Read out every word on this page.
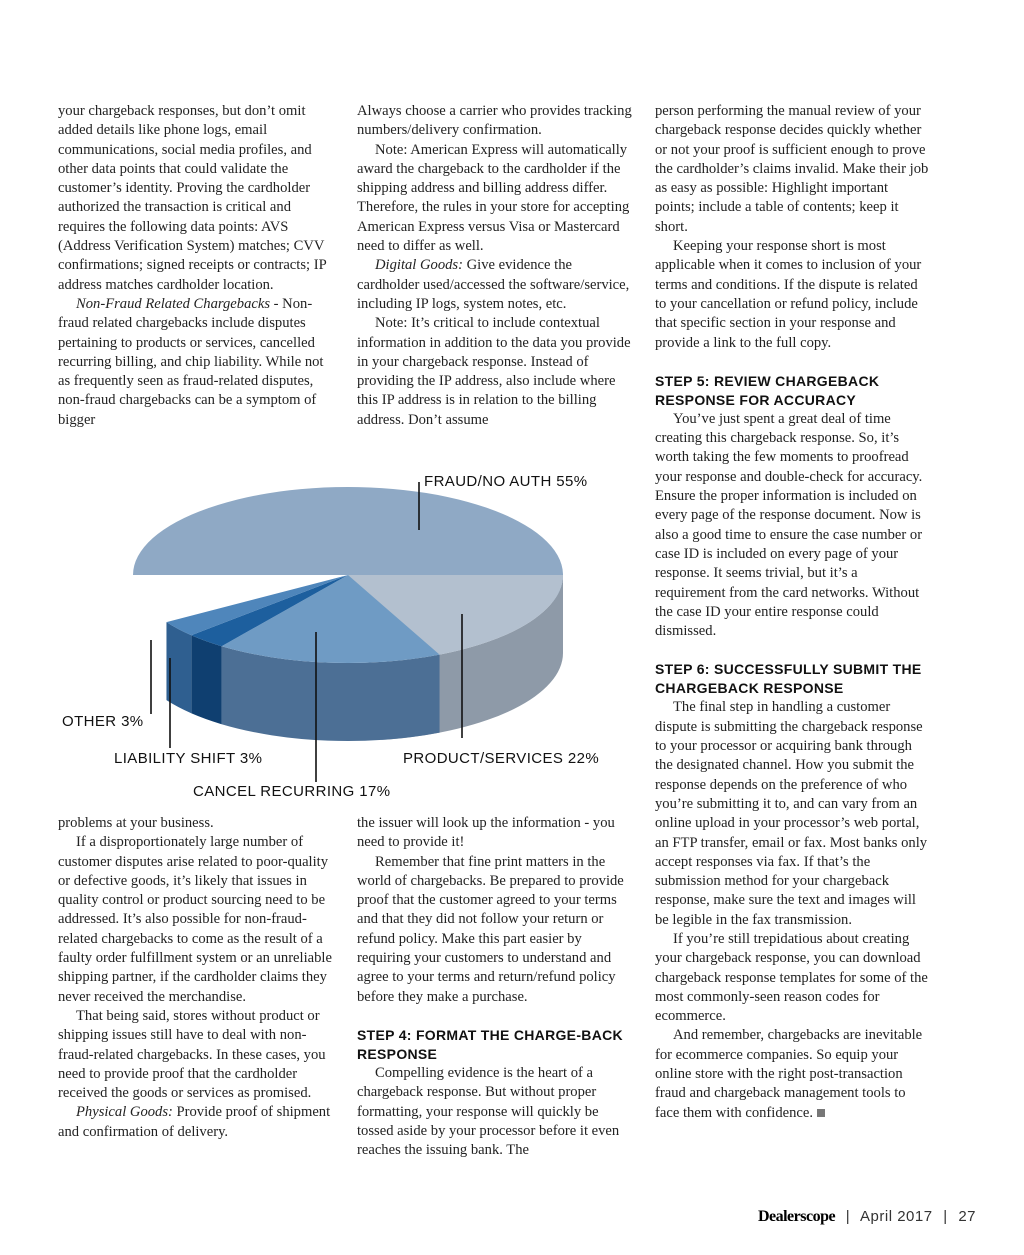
your chargeback responses, but don’t omit added details like phone logs, email communications, social media profiles, and other data points that could validate the customer’s identity. Proving the cardholder authorized the transaction is critical and requires the following data points: AVS (Address Verification System) matches; CVV confirmations; signed receipts or contracts; IP address matches cardholder location.

Non-Fraud Related Chargebacks - Non-fraud related chargebacks include disputes pertaining to products or services, cancelled recurring billing, and chip liability. While not as frequently seen as fraud-related disputes, non-fraud chargebacks can be a symptom of bigger

Always choose a carrier who provides tracking numbers/delivery confirmation.

Note: American Express will automatically award the chargeback to the cardholder if the shipping address and billing address differ. Therefore, the rules in your store for accepting American Express versus Visa or Mastercard need to differ as well.

Digital Goods: Give evidence the cardholder used/accessed the software/service, including IP logs, system notes, etc.

Note: It’s critical to include contextual information in addition to the data you provide in your chargeback response. Instead of providing the IP address, also include where this IP address is in relation to the billing address. Don’t assume

person performing the manual review of your chargeback response decides quickly whether or not your proof is sufficient enough to prove the cardholder’s claims invalid. Make their job as easy as possible: Highlight important points; include a table of contents; keep it short.

Keeping your response short is most applicable when it comes to inclusion of your terms and conditions. If the dispute is related to your cancellation or refund policy, include that specific section in your response and provide a link to the full copy.

STEP 5: REVIEW CHARGEBACK RESPONSE FOR ACCURACY

You’ve just spent a great deal of time creating this chargeback response. So, it’s worth taking the few moments to proofread your response and double-check for accuracy. Ensure the proper information is included on every page of the response document. Now is also a good time to ensure the case number or case ID is included on every page of your response. It seems trivial, but it’s a requirement from the card networks. Without the case ID your entire response could dismissed.

STEP 6: SUCCESSFULLY SUBMIT THE CHARGEBACK RESPONSE

The final step in handling a customer dispute is submitting the chargeback response to your processor or acquiring bank through the designated channel. How you submit the response depends on the preference of who you’re submitting it to, and can vary from an online upload in your processor’s web portal, an FTP transfer, email or fax. Most banks only accept responses via fax. If that’s the submission method for your chargeback response, make sure the text and images will be legible in the fax transmission.

If you’re still trepidatious about creating your chargeback response, you can download chargeback response templates for some of the most commonly-seen reason codes for ecommerce.

And remember, chargebacks are inevitable for ecommerce companies. So equip your online store with the right post-transaction fraud and chargeback management tools to face them with confidence.

FRAUD/NO AUTH 55%
PRODUCT/SERVICES 22%
CANCEL RECURRING 17%
LIABILITY SHIFT 3%
OTHER 3%

problems at your business.

If a disproportionately large number of customer disputes arise related to poor-quality or defective goods, it’s likely that issues in quality control or product sourcing need to be addressed. It’s also possible for non-fraud-related chargebacks to come as the result of a faulty order fulfillment system or an unreliable shipping partner, if the cardholder claims they never received the merchandise.

That being said, stores without product or shipping issues still have to deal with non-fraud-related chargebacks. In these cases, you need to provide proof that the cardholder received the goods or services as promised.

Physical Goods: Provide proof of shipment and confirmation of delivery.

the issuer will look up the information - you need to provide it!

Remember that fine print matters in the world of chargebacks. Be prepared to provide proof that the customer agreed to your terms and that they did not follow your return or refund policy. Make this part easier by requiring your customers to understand and agree to your terms and return/refund policy before they make a purchase.

STEP 4: FORMAT THE CHARGE-BACK RESPONSE

Compelling evidence is the heart of a chargeback response. But without proper formatting, your response will quickly be tossed aside by your processor before it even reaches the issuing bank. The

Dealerscope | April 2017 | 27
